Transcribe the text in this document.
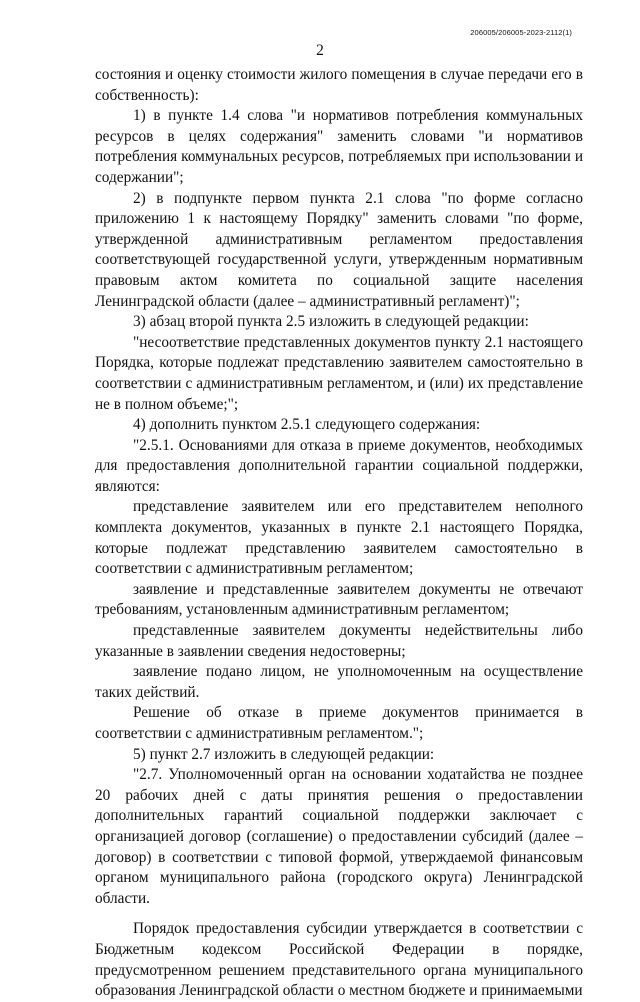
206005/206005-2023-2112(1)
2

состояния и оценку стоимости жилого помещения в случае передачи его в собственность):

1) в пункте 1.4 слова "и нормативов потребления коммунальных ресурсов в целях содержания" заменить словами "и нормативов потребления коммунальных ресурсов, потребляемых при использовании и содержании";

2) в подпункте первом пункта 2.1 слова "по форме согласно приложению 1 к настоящему Порядку" заменить словами "по форме, утвержденной административным регламентом предоставления соответствующей государственной услуги, утвержденным нормативным правовым актом комитета по социальной защите населения Ленинградской области (далее – административный регламент)";

3) абзац второй пункта 2.5 изложить в следующей редакции:

"несоответствие представленных документов пункту 2.1 настоящего Порядка, которые подлежат представлению заявителем самостоятельно в соответствии с административным регламентом, и (или) их представление не в полном объеме;";

4) дополнить пунктом 2.5.1 следующего содержания:

"2.5.1. Основаниями для отказа в приеме документов, необходимых для предоставления дополнительной гарантии социальной поддержки, являются:

представление заявителем или его представителем неполного комплекта документов, указанных в пункте 2.1 настоящего Порядка, которые подлежат представлению заявителем самостоятельно в соответствии с административным регламентом;

заявление и представленные заявителем документы не отвечают требованиям, установленным административным регламентом;

представленные заявителем документы недействительны либо указанные в заявлении сведения недостоверны;

заявление подано лицом, не уполномоченным на осуществление таких действий.

Решение об отказе в приеме документов принимается в соответствии с административным регламентом.";

5) пункт 2.7 изложить в следующей редакции:

"2.7. Уполномоченный орган на основании ходатайства не позднее 20 рабочих дней с даты принятия решения о предоставлении дополнительных гарантий социальной поддержки заключает с организацией договор (соглашение) о предоставлении субсидий (далее – договор) в соответствии с типовой формой, утверждаемой финансовым органом муниципального района (городского округа) Ленинградской области.

Порядок предоставления субсидии утверждается в соответствии с Бюджетным кодексом Российской Федерации в порядке, предусмотренном решением представительного органа муниципального образования Ленинградской области о местном бюджете и принимаемыми
